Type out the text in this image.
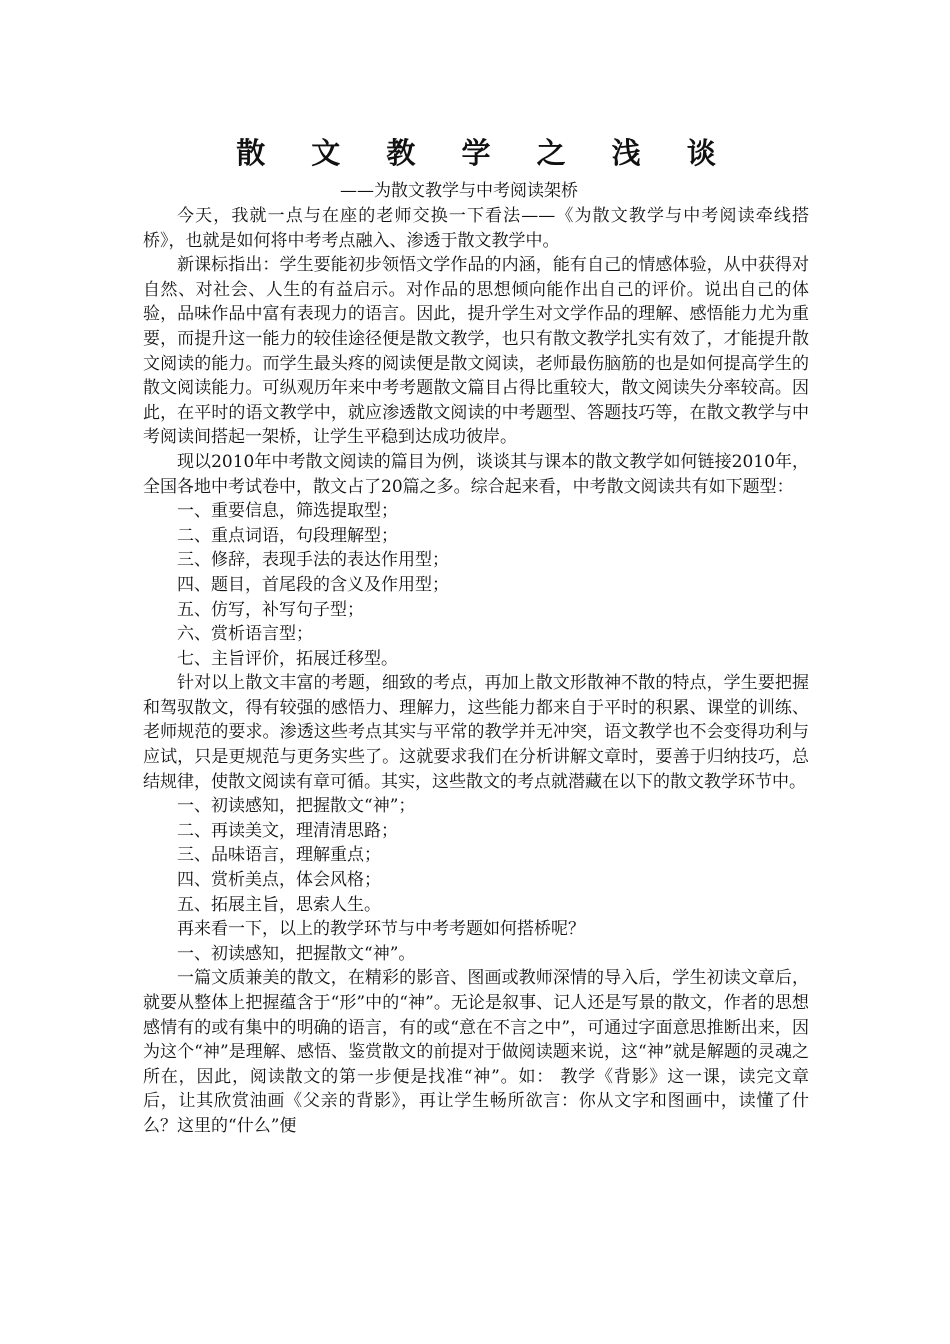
散 文 教 学 之 浅 谈
——为散文教学与中考阅读架桥

今天，我就一点与在座的老师交换一下看法——《为散文教学与中考阅读牵线搭桥》，也就是如何将中考考点融入、渗透于散文教学中。

新课标指出：学生要能初步领悟文学作品的内涵，能有自己的情感体验，从中获得对自然、对社会、人生的有益启示。对作品的思想倾向能作出自己的评价。说出自己的体验，品味作品中富有表现力的语言。因此，提升学生对文学作品的理解、感悟能力尤为重要，而提升这一能力的较佳途径便是散文教学，也只有散文教学扎实有效了，才能提升散文阅读的能力。而学生最头疼的阅读便是散文阅读，老师最伤脑筋的也是如何提高学生的散文阅读能力。可纵观历年来中考考题散文篇目占得比重较大，散文阅读失分率较高。因此，在平时的语文教学中，就应渗透散文阅读的中考题型、答题技巧等，在散文教学与中考阅读间搭起一架桥，让学生平稳到达成功彼岸。

现以2010年中考散文阅读的篇目为例，谈谈其与课本的散文教学如何链接2010年，全国各地中考试卷中，散文占了20篇之多。综合起来看，中考散文阅读共有如下题型：

一、重要信息，筛选提取型；

二、重点词语，句段理解型；

三、修辞，表现手法的表达作用型；

四、题目，首尾段的含义及作用型；

五、仿写，补写句子型；

六、赏析语言型；

七、主旨评价，拓展迁移型。

针对以上散文丰富的考题，细致的考点，再加上散文形散神不散的特点，学生要把握和驾驭散文，得有较强的感悟力、理解力，这些能力都来自于平时的积累、课堂的训练、老师规范的要求。渗透这些考点其实与平常的教学并无冲突，语文教学也不会变得功利与应试，只是更规范与更务实些了。这就要求我们在分析讲解文章时，要善于归纳技巧，总结规律，使散文阅读有章可循。其实，这些散文的考点就潜藏在以下的散文教学环节中。

一、初读感知，把握散文“神”；

二、再读美文，理清清思路；

三、品味语言，理解重点；

四、赏析美点，体会风格；

五、拓展主旨，思索人生。

再来看一下，以上的教学环节与中考考题如何搭桥呢？

一、初读感知，把握散文“神”。

一篇文质兼美的散文，在精彩的影音、图画或教师深情的导入后，学生初读文章后，就要从整体上把握蕴含于“形”中的“神”。无论是叙事、记人还是写景的散文，作者的思想感情有的或有集中的明确的语言，有的或“意在不言之中”，可通过字面意思推断出来，因为这个“神”是理解、感悟、鉴赏散文的前提对于做阅读题来说，这“神”就是解题的灵魂之所在，因此，阅读散文的第一步便是找准“神”。如： 教学《背影》这一课，读完文章后，让其欣赏油画《父亲的背影》，再让学生畅所欲言：你从文字和图画中，读懂了什么？这里的“什么”便
